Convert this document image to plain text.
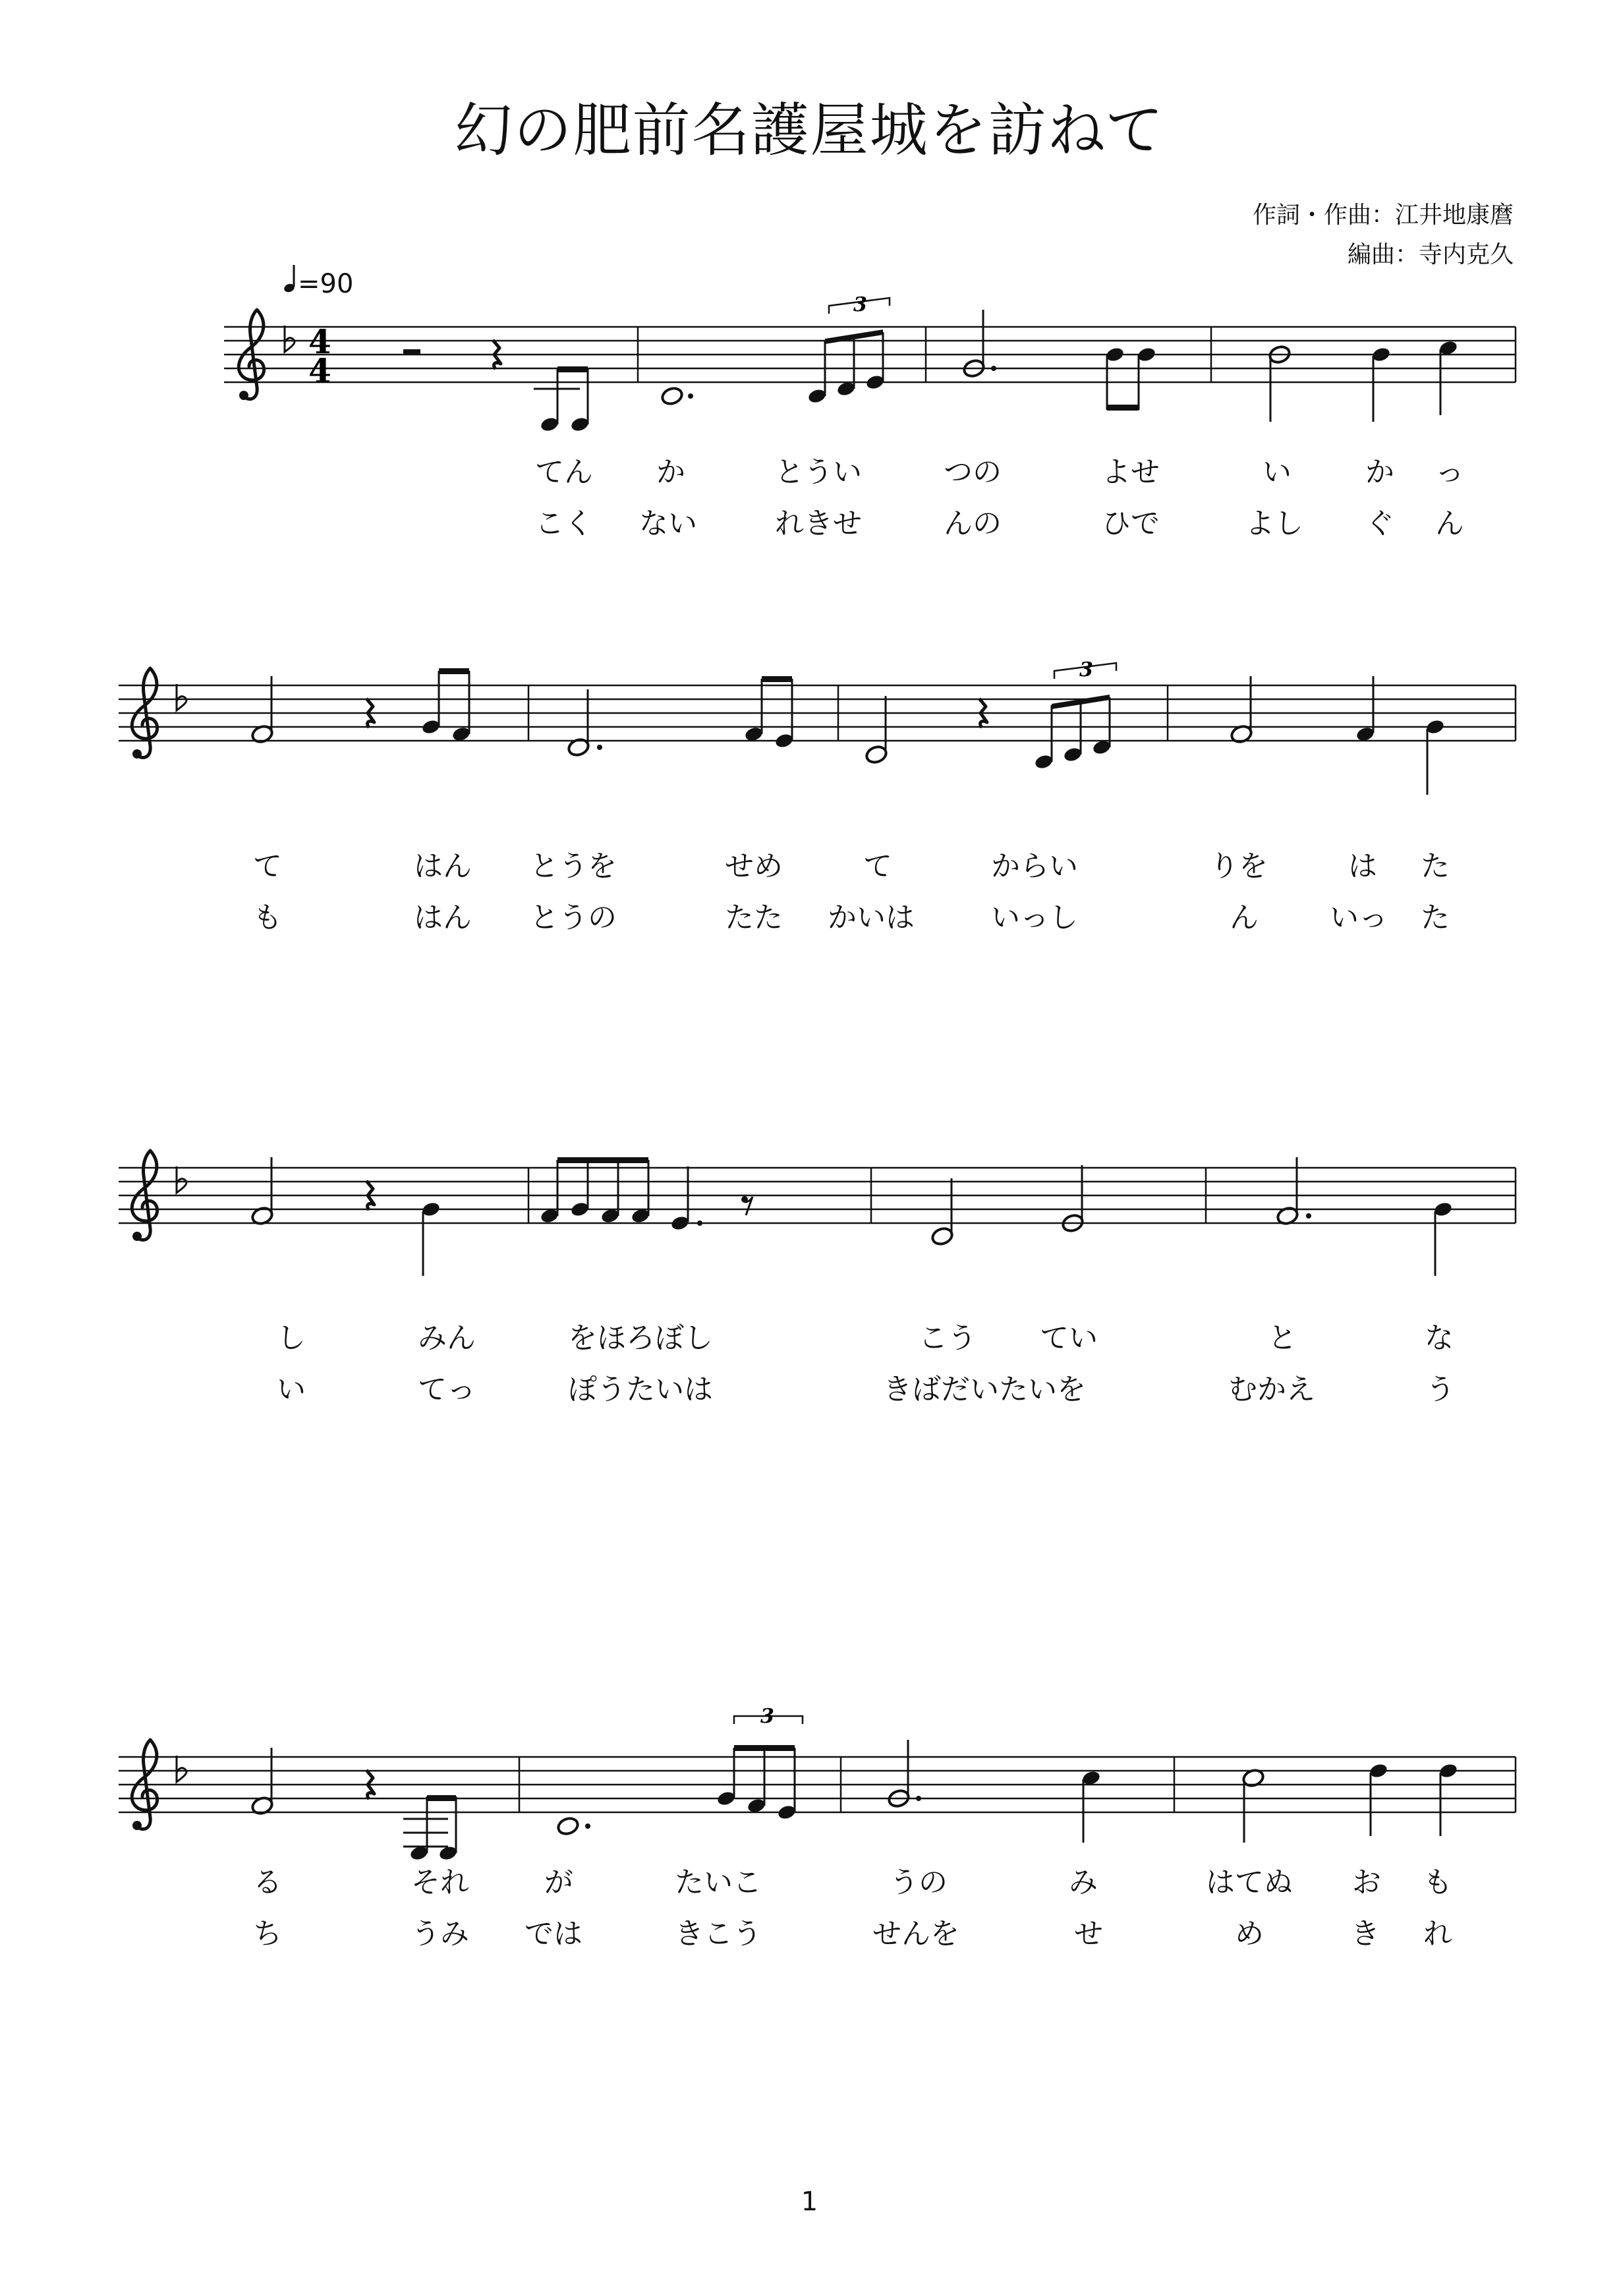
幻の肥前名護屋城を訪ねて
作詞・作曲：江井地康麿
編曲：寺内克久
=90
4
4
3
3
3
てん か	とうい	つの	よせ	い	か っ
こく ない	れきせ	んの	ひで	よし ぐ ん
て	はん とうを	せめ	て	からい	りを	は た
も	はん とうの	たた かいは	いっし	ん いっ た
し	みん	をほろぼし	こう てい	と	な
い	てっ	ぽうたいは	きばだいたいを	むかえ	う
る	それ	が	たいこ	うの	み	はてぬ お も
ち	うみ では	きこう	せんを	せ	め	き れ
1
